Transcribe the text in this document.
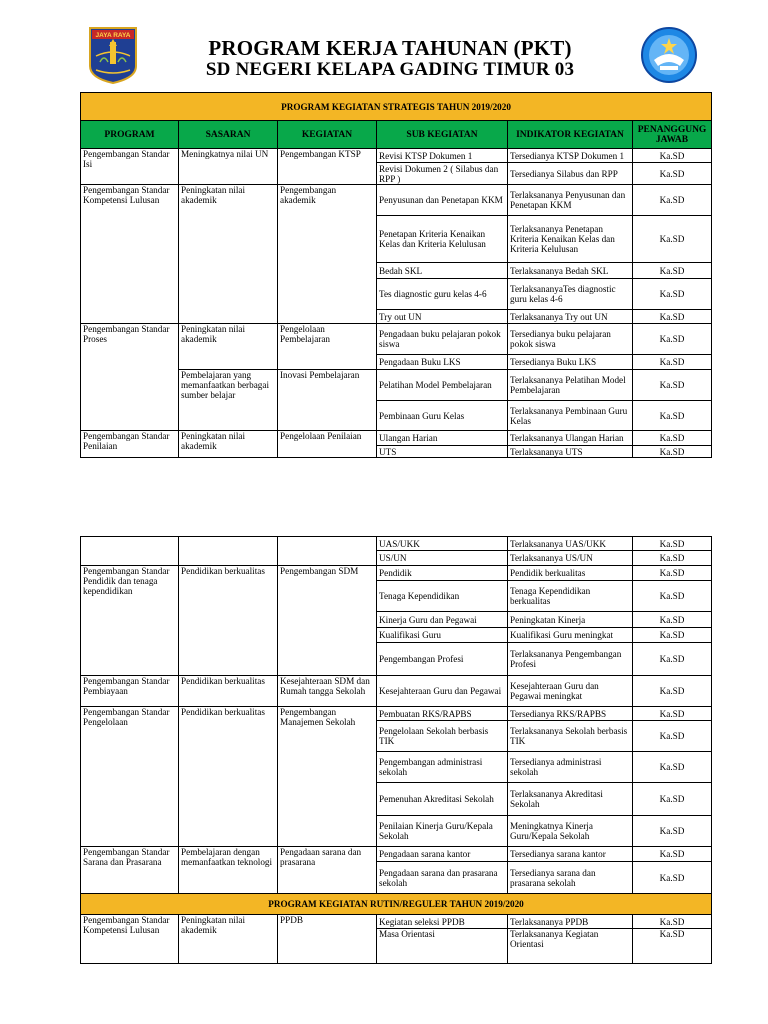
JAYA RAYA
PROGRAM KERJA TAHUNAN (PKT)
SD NEGERI KELAPA GADING TIMUR 03
PROGRAM KEGIATAN STRATEGIS TAHUN 2019/2020					
PROGRAM	SASARAN	KEGIATAN	SUB KEGIATAN	INDIKATOR KEGIATAN	PENANGGUNG JAWAB
Pengembangan Standar Isi	Meningkatnya nilai UN	Pengembangan KTSP	Revisi KTSP Dokumen 1	Tersedianya KTSP Dokumen 1	Ka.SD
			Revisi Dokumen 2 ( Silabus dan RPP )	Tersedianya Silabus dan RPP	Ka.SD
Pengembangan Standar Kompetensi Lulusan	Peningkatan nilai akademik	Pengembangan akademik	Penyusunan dan Penetapan KKM	Terlaksananya Penyusunan dan Penetapan KKM	Ka.SD
			Penetapan Kriteria Kenaikan Kelas dan Kriteria Kelulusan	Terlaksananya Penetapan Kriteria Kenaikan Kelas dan Kriteria Kelulusan	Ka.SD
			Bedah SKL	Terlaksananya Bedah SKL	Ka.SD
			Tes diagnostic guru kelas 4-6	TerlaksananyaTes diagnostic guru kelas 4-6	Ka.SD
			Try out UN	Terlaksananya Try out UN	Ka.SD
Pengembangan Standar Proses	Peningkatan nilai akademik	Pengelolaan Pembelajaran	Pengadaan buku pelajaran pokok siswa	Tersedianya buku pelajaran pokok siswa	Ka.SD
			Pengadaan Buku LKS	Tersedianya Buku LKS	Ka.SD
	Pembelajaran yang memanfaatkan berbagai sumber belajar	Inovasi Pembelajaran	Pelatihan Model Pembelajaran	Terlaksananya Pelatihan Model Pembelajaran	Ka.SD
			Pembinaan Guru Kelas	Terlaksananya Pembinaan Guru Kelas	Ka.SD
Pengembangan Standar Penilaian	Peningkatan nilai akademik	Pengelolaan Penilaian	Ulangan Harian	Terlaksananya Ulangan Harian	Ka.SD
			UTS	Terlaksananya UTS	Ka.SD
			UAS/UKK	Terlaksananya UAS/UKK	Ka.SD
			US/UN	Terlaksananya US/UN	Ka.SD
Pengembangan Standar Pendidik dan tenaga kependidikan	Pendidikan berkualitas	Pengembangan SDM	Pendidik	Pendidik berkualitas	Ka.SD
			Tenaga Kependidikan	Tenaga Kependidikan berkualitas	Ka.SD
			Kinerja Guru dan Pegawai	Peningkatan Kinerja	Ka.SD
			Kualifikasi Guru	Kualifikasi Guru meningkat	Ka.SD
			Pengembangan Profesi	Terlaksananya Pengembangan Profesi	Ka.SD
Pengembangan Standar Pembiayaan	Pendidikan berkualitas	Kesejahteraan SDM dan Rumah tangga Sekolah	Kesejahteraan Guru dan Pegawai	Kesejahteraan Guru dan Pegawai meningkat	Ka.SD
Pengembangan Standar Pengelolaan	Pendidikan berkualitas	Pengembangan Manajemen Sekolah	Pembuatan RKS/RAPBS	Tersedianya RKS/RAPBS	Ka.SD
			Pengelolaan Sekolah berbasis TIK	Terlaksananya Sekolah berbasis TIK	Ka.SD
			Pengembangan administrasi sekolah	Tersedianya administrasi sekolah	Ka.SD
			Pemenuhan Akreditasi Sekolah	Terlaksananya Akreditasi Sekolah	Ka.SD
			Penilaian Kinerja Guru/Kepala Sekolah	Meningkatnya Kinerja Guru/Kepala Sekolah	Ka.SD
Pengembangan Standar Sarana dan Prasarana	Pembelajaran dengan memanfaatkan teknologi	Pengadaan sarana dan prasarana	Pengadaan sarana kantor	Tersedianya sarana kantor	Ka.SD
			Pengadaan sarana dan prasarana sekolah	Tersedianya sarana dan prasarana sekolah	Ka.SD
PROGRAM KEGIATAN RUTIN/REGULER TAHUN 2019/2020					
Pengembangan Standar Kompetensi Lulusan	Peningkatan nilai akademik	PPDB	Kegiatan seleksi PPDB	Terlaksananya PPDB	Ka.SD
			Masa Orientasi	Terlaksananya Kegiatan Orientasi	Ka.SD
